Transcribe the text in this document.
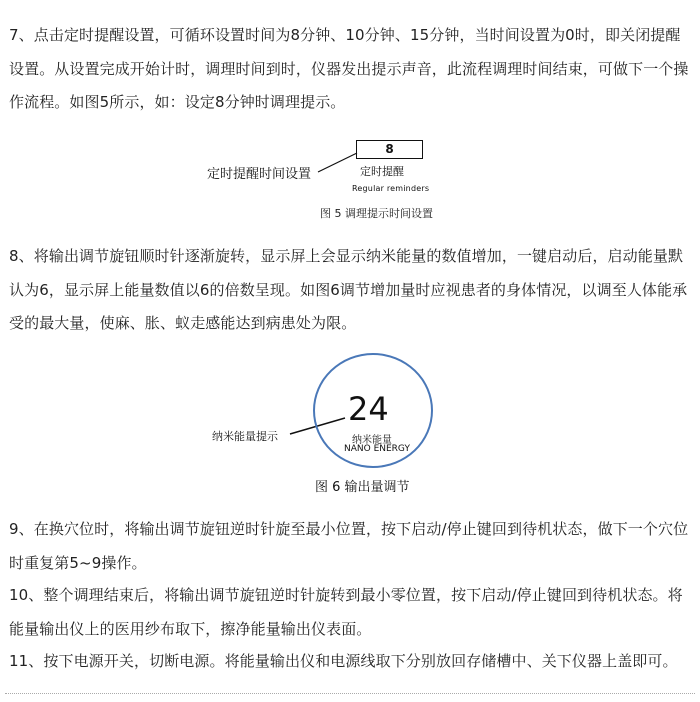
7、点击定时提醒设置，可循环设置时间为8分钟、10分钟、15分钟，当时间设置为0时，即关闭提醒设置。从设置完成开始计时，调理时间到时，仪器发出提示声音，此流程调理时间结束，可做下一个操作流程。如图5所示，如：设定8分钟时调理提示。

8
定时提醒时间设置	定时提醒
Regular reminders
图 5 调理提示时间设置

8、将输出调节旋钮顺时针逐渐旋转，显示屏上会显示纳米能量的数值增加，一键启动后，启动能量默认为6，显示屏上能量数值以6的倍数呈现。如图6调节增加量时应视患者的身体情况，以调至人体能承受的最大量，使麻、胀、蚁走感能达到病患处为限。

24
纳米能量
NANO ENERGY
纳米能量提示
图 6 输出量调节

9、在换穴位时，将输出调节旋钮逆时针旋至最小位置，按下启动/停止键回到待机状态，做下一个穴位时重复第5~9操作。

10、整个调理结束后，将输出调节旋钮逆时针旋转到最小零位置，按下启动/停止键回到待机状态。将能量输出仪上的医用纱布取下，擦净能量输出仪表面。

11、按下电源开关，切断电源。将能量输出仪和电源线取下分别放回存储槽中、关下仪器上盖即可。
